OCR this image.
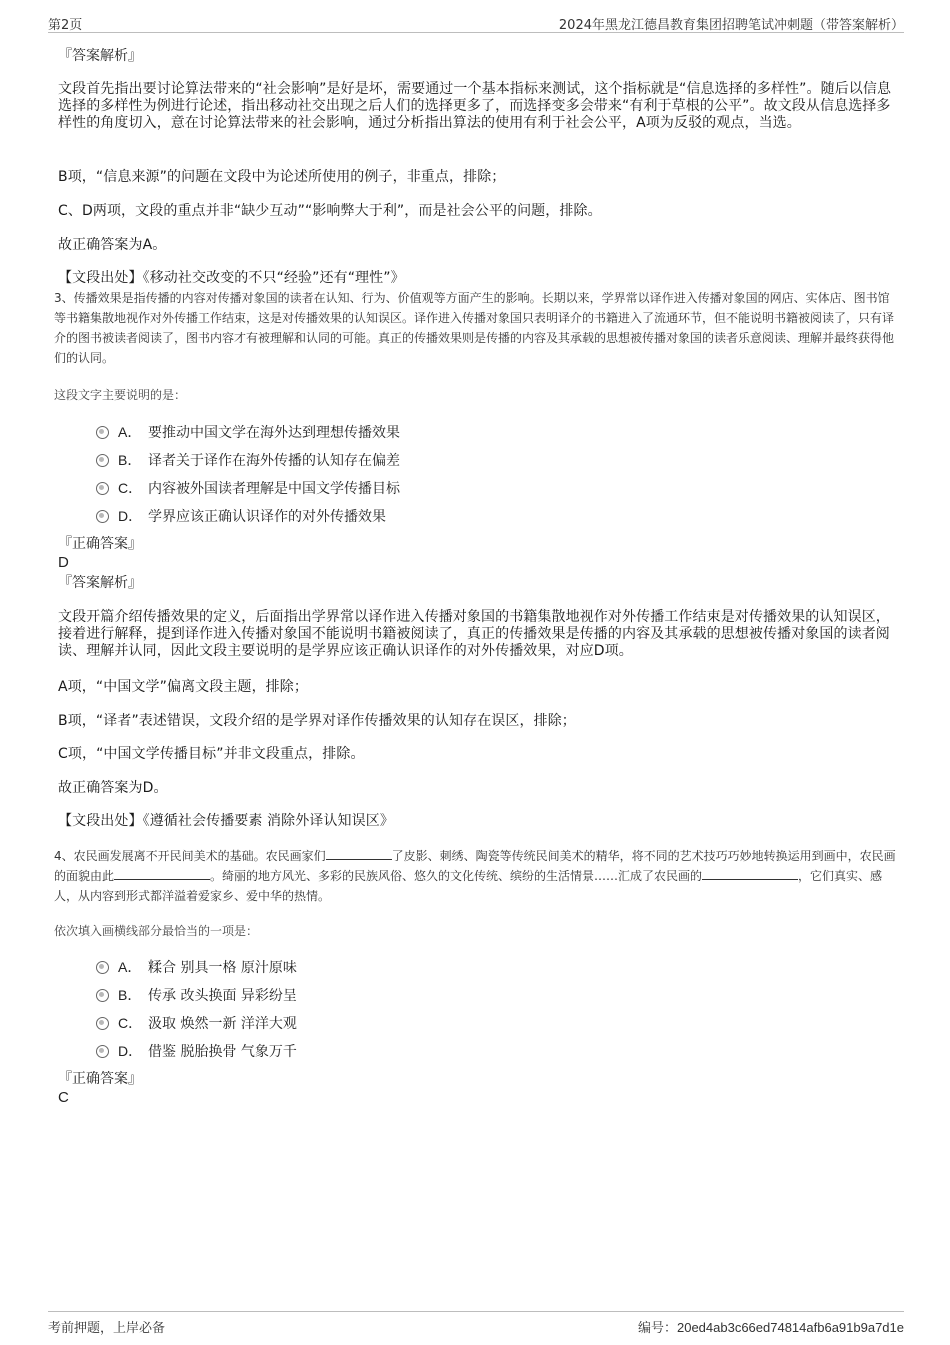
第2页	2024年黑龙江德昌教育集团招聘笔试冲刺题（带答案解析）
『答案解析』
文段首先指出要讨论算法带来的“社会影响”是好是坏，需要通过一个基本指标来测试，这个指标就是“信息选择的多样性”。随后以信息选择的多样性为例进行论述，指出移动社交出现之后人们的选择更多了，而选择变多会带来“有利于草根的公平”。故文段从信息选择多样性的角度切入，意在讨论算法带来的社会影响，通过分析指出算法的使用有利于社会公平，A项为反驳的观点，当选。
B项，“信息来源”的问题在文段中为论述所使用的例子，非重点，排除；
C、D两项，文段的重点并非“缺少互动”“影响弊大于利”，而是社会公平的问题，排除。
故正确答案为A。
【文段出处】《移动社交改变的不只“经验”还有“理性”》
3、传播效果是指传播的内容对传播对象国的读者在认知、行为、价值观等方面产生的影响。长期以来，学界常以译作进入传播对象国的网店、实体店、图书馆等书籍集散地视作对外传播工作结束，这是对传播效果的认知误区。译作进入传播对象国只表明译介的书籍进入了流通环节，但不能说明书籍被阅读了，只有译介的图书被读者阅读了，图书内容才有被理解和认同的可能。真正的传播效果则是传播的内容及其承载的思想被传播对象国的读者乐意阅读、理解并最终获得他们的认同。
这段文字主要说明的是：
A． 要推动中国文学在海外达到理想传播效果
B． 译者关于译作在海外传播的认知存在偏差
C． 内容被外国读者理解是中国文学传播目标
D． 学界应该正确认识译作的对外传播效果
『正确答案』
D
『答案解析』
文段开篇介绍传播效果的定义，后面指出学界常以译作进入传播对象国的书籍集散地视作对外传播工作结束是对传播效果的认知误区，接着进行解释，提到译作进入传播对象国不能说明书籍被阅读了，真正的传播效果是传播的内容及其承载的思想被传播对象国的读者阅读、理解并认同，因此文段主要说明的是学界应该正确认识译作的对外传播效果，对应D项。
A项，“中国文学”偏离文段主题，排除；
B项，“译者”表述错误，文段介绍的是学界对译作传播效果的认知存在误区，排除；
C项，“中国文学传播目标”并非文段重点，排除。
故正确答案为D。
【文段出处】《遵循社会传播要素 消除外译认知误区》
4、农民画发展离不开民间美术的基础。农民画家们	了皮影、刺绣、陶瓷等传统民间美术的精华，将不同的艺术技巧巧妙地转换运用到画中，农民画的面貌由此	。绮丽的地方风光、多彩的民族风俗、悠久的文化传统、缤纷的生活情景……汇成了农民画的	，它们真实、感人，从内容到形式都洋溢着爱家乡、爱中华的热情。
依次填入画横线部分最恰当的一项是：
A． 糅合 别具一格 原汁原味
B． 传承 改头换面 异彩纷呈
C． 汲取 焕然一新 洋洋大观
D． 借鉴 脱胎换骨 气象万千
『正确答案』
C
考前押题，上岸必备	编号：20ed4ab3c66ed74814afb6a91b9a7d1e
